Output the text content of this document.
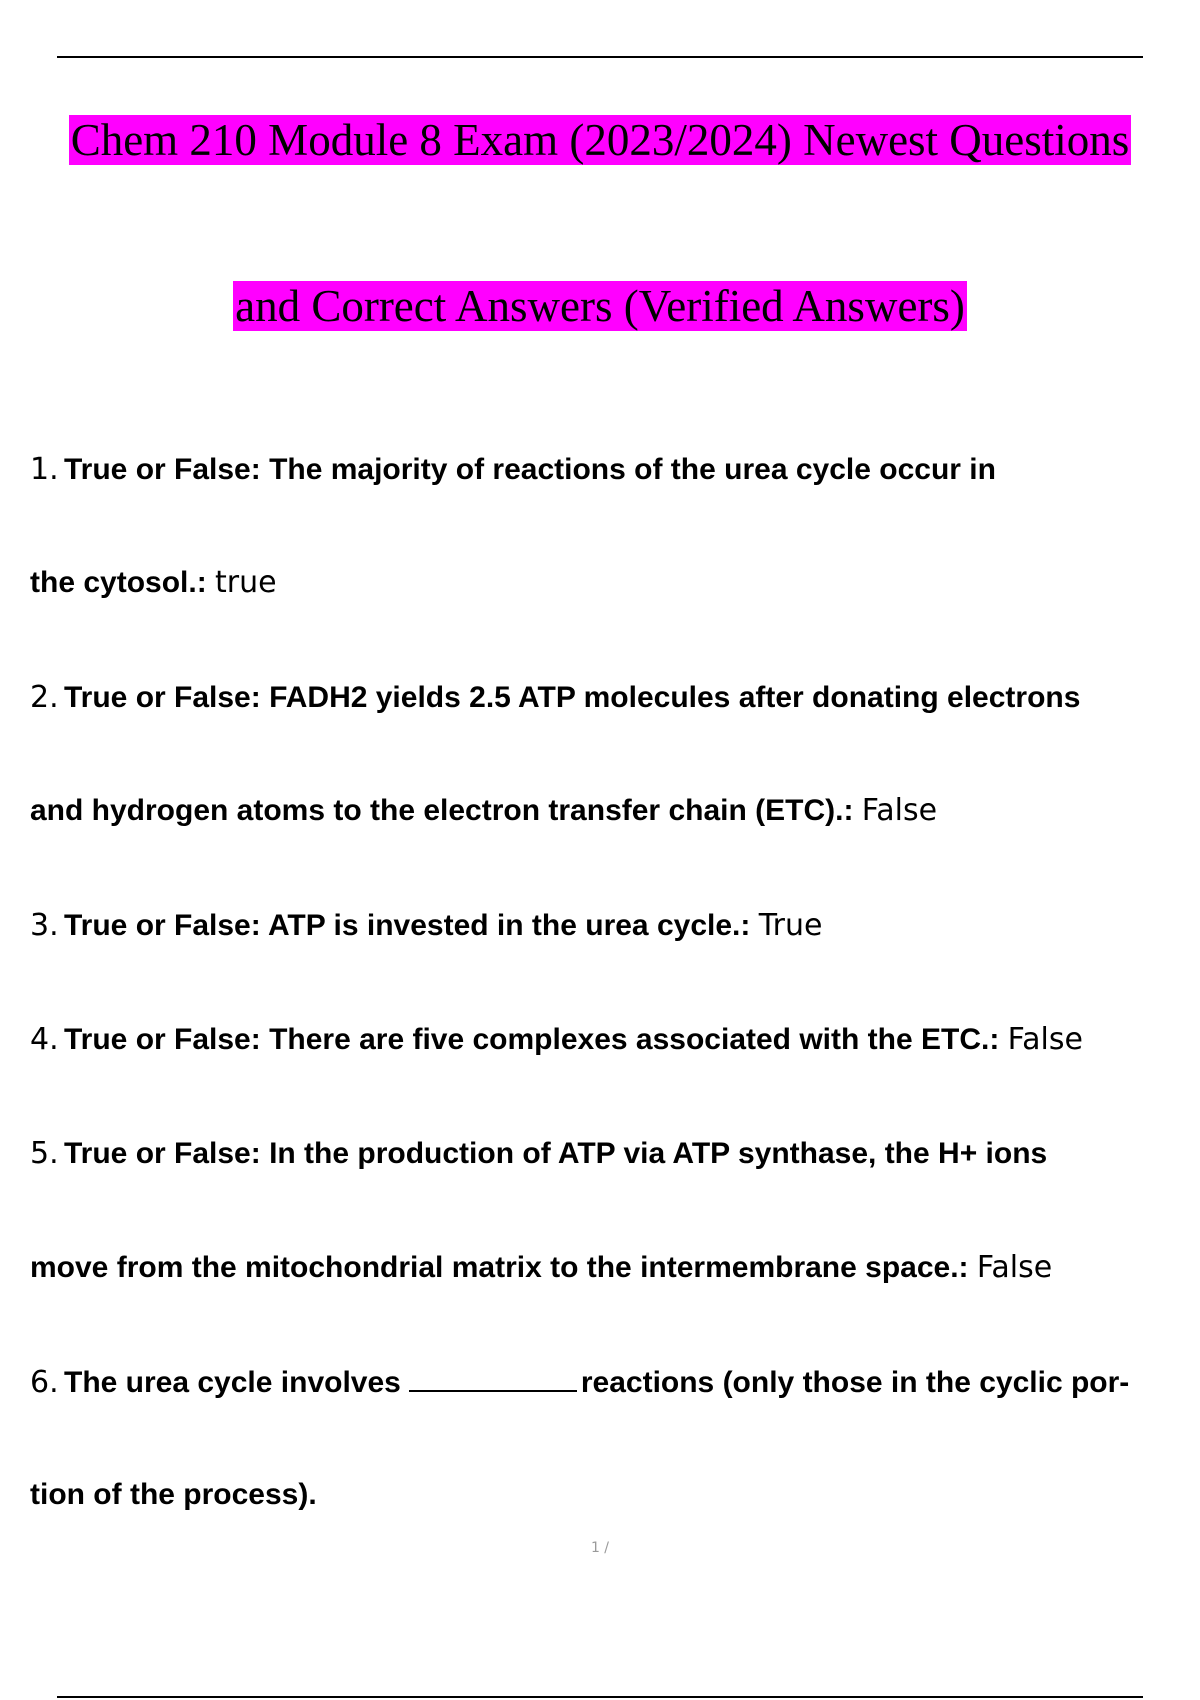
Chem 210 Module 8 Exam (2023/2024) Newest Questions
and Correct Answers (Verified Answers)
1. True or False: The majority of reactions of the urea cycle occur in
the cytosol.: true
2. True or False: FADH2 yields 2.5 ATP molecules after donating electrons
and hydrogen atoms to the electron transfer chain (ETC).: False
3. True or False: ATP is invested in the urea cycle.: True
4. True or False: There are five complexes associated with the ETC.: False
5. True or False: In the production of ATP via ATP synthase, the H+ ions
move from the mitochondrial matrix to the intermembrane space.: False
6. The urea cycle involves	reactions (only those in the cyclic por-
tion of the process).
1 /
